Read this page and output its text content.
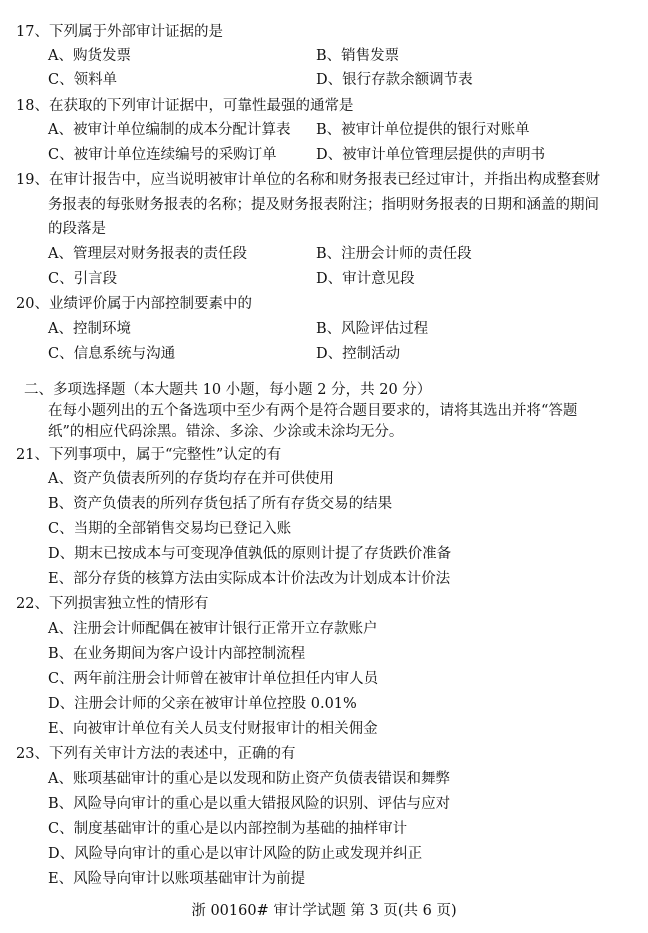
17、下列属于外部审计证据的是
A、购货发票	B、销售发票
C、领料单	D、银行存款余额调节表
18、在获取的下列审计证据中，可靠性最强的通常是
A、被审计单位编制的成本分配计算表 B、被审计单位提供的银行对账单
C、被审计单位连续编号的采购订单	D、被审计单位管理层提供的声明书
19、在审计报告中，应当说明被审计单位的名称和财务报表已经过审计，并指出构成整套财
务报表的每张财务报表的名称；提及财务报表附注；指明财务报表的日期和涵盖的期间
的段落是
A、管理层对财务报表的责任段	B、注册会计师的责任段
C、引言段	D、审计意见段
20、业绩评价属于内部控制要素中的
A、控制环境	B、风险评估过程
C、信息系统与沟通	D、控制活动
二、多项选择题（本大题共 10 小题，每小题 2 分，共 20 分）
在每小题列出的五个备选项中至少有两个是符合题目要求的，请将其选出并将“答题
纸”的相应代码涂黑。错涂、多涂、少涂或未涂均无分。
21、下列事项中，属于“完整性”认定的有
A、资产负债表所列的存货均存在并可供使用
B、资产负债表的所列存货包括了所有存货交易的结果
C、当期的全部销售交易均已登记入账
D、期末已按成本与可变现净值孰低的原则计提了存货跌价准备
E、部分存货的核算方法由实际成本计价法改为计划成本计价法
22、下列损害独立性的情形有
A、注册会计师配偶在被审计银行正常开立存款账户
B、在业务期间为客户设计内部控制流程
C、两年前注册会计师曾在被审计单位担任内审人员
D、注册会计师的父亲在被审计单位控股 0.01%
E、向被审计单位有关人员支付财报审计的相关佣金
23、下列有关审计方法的表述中，正确的有
A、账项基础审计的重心是以发现和防止资产负债表错误和舞弊
B、风险导向审计的重心是以重大错报风险的识别、评估与应对
C、制度基础审计的重心是以内部控制为基础的抽样审计
D、风险导向审计的重心是以审计风险的防止或发现并纠正
E、风险导向审计以账项基础审计为前提
浙 00160# 审计学试题 第 3 页(共 6 页)
